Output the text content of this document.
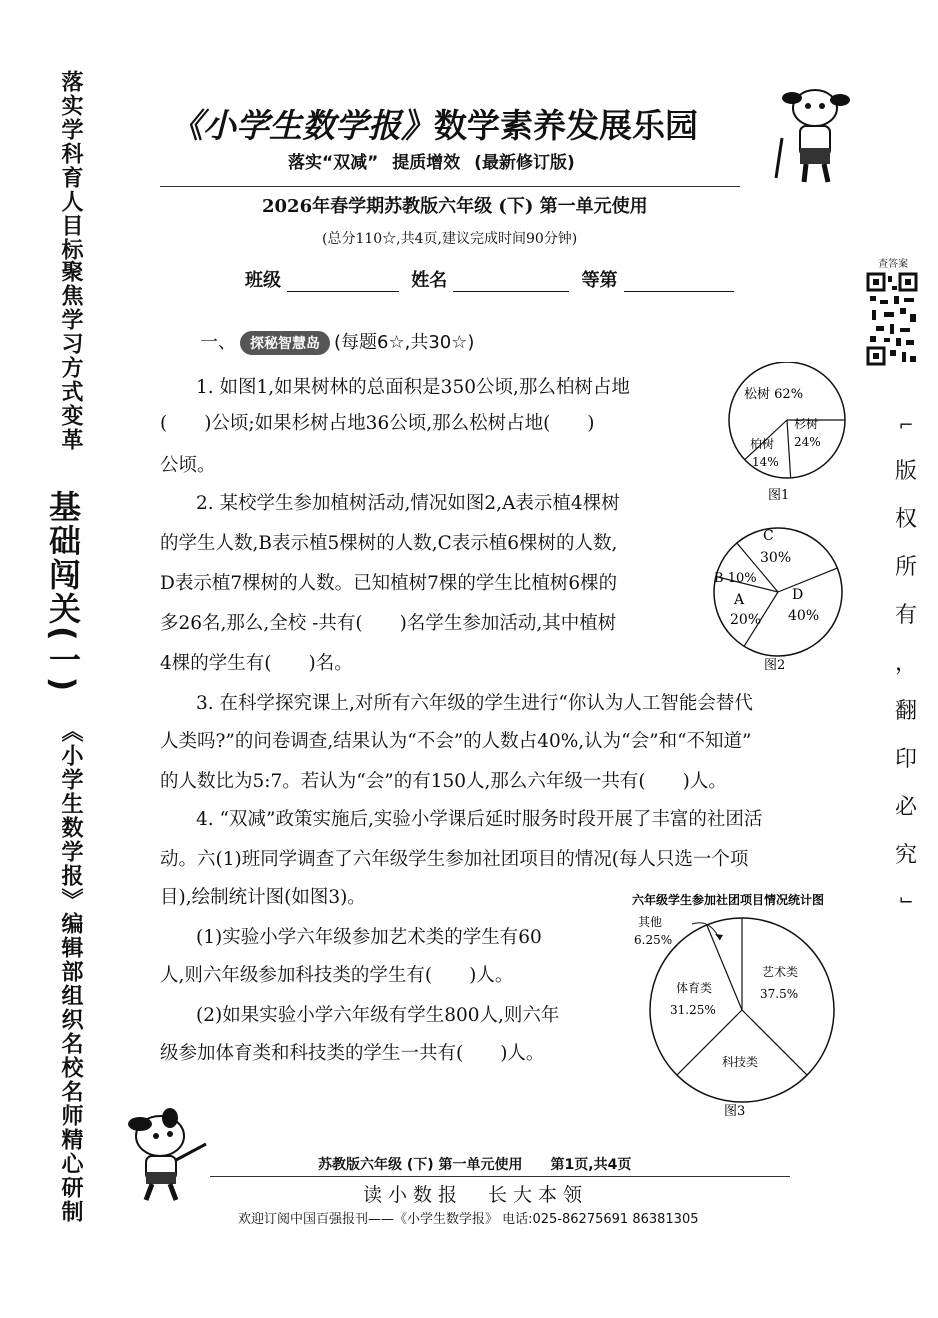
落实学科育人目标
聚焦学习方式变革
基础闯关(一)
《小学生数学报》编辑部组织名校名师精心研制
《小学生数学报》数学素养发展乐园
落实“双减” 提质增效 (最新修订版)
2026年春学期苏教版六年级 (下) 第一单元使用
(总分110☆,共4页,建议完成时间90分钟)
班级	姓名	等第
查答案
⌐
版
权
所
有
，
翻
印
必
究
⌙
一、 探秘智慧岛 (每题6☆,共30☆)
1. 如图1,如果树林的总面积是350公顷,那么柏树占地
(　　)公顷;如果杉树占地36公顷,那么松树占地(　　)
公顷。
2. 某校学生参加植树活动,情况如图2,A表示植4棵树
的学生人数,B表示植5棵树的人数,C表示植6棵树的人数,
D表示植7棵树的人数。已知植树7棵的学生比植树6棵的
多26名,那么,全校 -共有(　　)名学生参加活动,其中植树
4棵的学生有(　　)名。
3. 在科学探究课上,对所有六年级的学生进行“你认为人工智能会替代
人类吗?”的问卷调查,结果认为“不会”的人数占40%,认为“会”和“不知道”
的人数比为5:7。若认为“会”的有150人,那么六年级一共有(　　)人。
4. “双减”政策实施后,实验小学课后延时服务时段开展了丰富的社团活
动。六(1)班同学调查了六年级学生参加社团项目的情况(每人只选一个项
目),绘制统计图(如图3)。
(1)实验小学六年级参加艺术类的学生有60
人,则六年级参加科技类的学生有(　　)人。
(2)如果实验小学六年级有学生800人,则六年
级参加体育类和科技类的学生一共有(　　)人。
松树 62%
杉树
24%
柏树
14%
图1
C
30%
D
40%
A
20%
B 10%
图2
六年级学生参加社团项目情况统计图
其他
6.25%
艺术类
37.5%
体育类
31.25%
科技类
图3
苏教版六年级 (下) 第一单元使用　　第1页,共4页
读小数报　长大本领
欢迎订阅中国百强报刊——《小学生数学报》 电话:025-86275691 86381305
